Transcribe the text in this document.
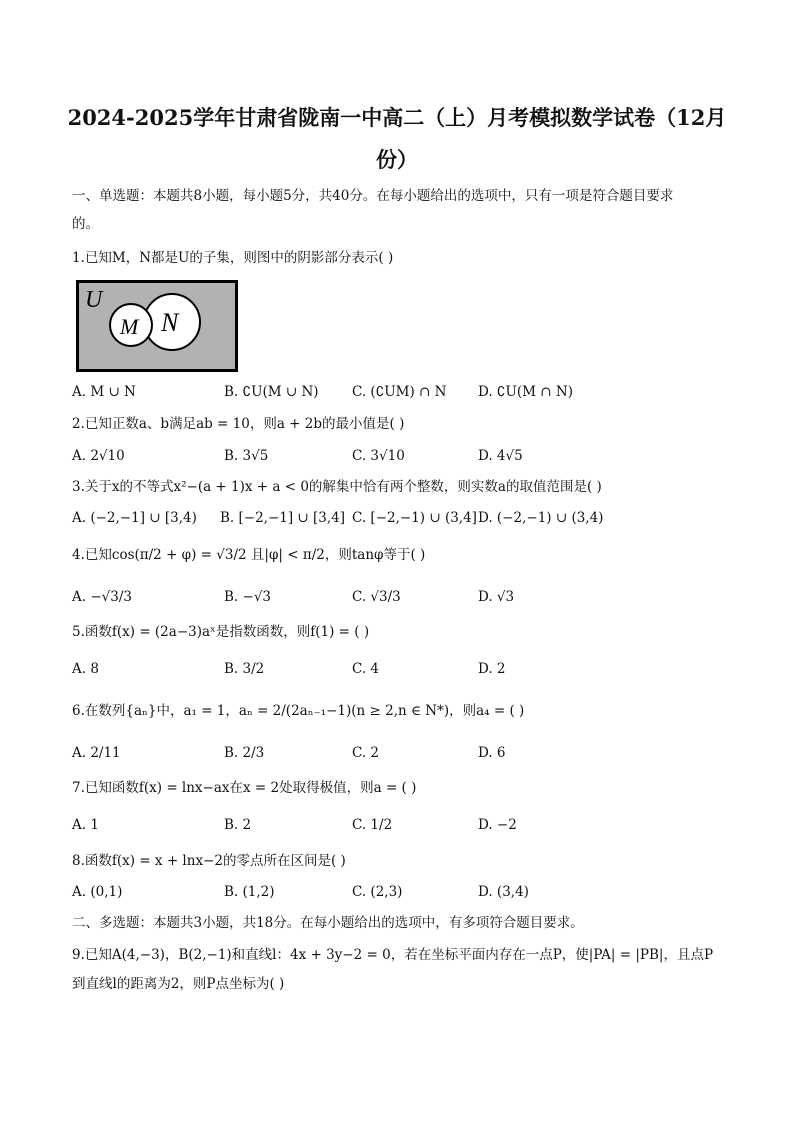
2024-2025学年甘肃省陇南一中高二（上）月考模拟数学试卷（12月
份）
一、单选题：本题共8小题，每小题5分，共40分。在每小题给出的选项中，只有一项是符合题目要求
的。
1.已知M，N都是U的子集，则图中的阴影部分表示( )
U
M N
A. M ∪ N	B. ∁U(M ∪ N) C. (∁UM) ∩ N D. ∁U(M ∩ N)
2.已知正数a、b满足ab = 10，则a + 2b的最小值是( )
A. 2√10	B. 3√5	C. 3√10	D. 4√5
3.关于x的不等式x²−(a + 1)x + a < 0的解集中恰有两个整数，则实数a的取值范围是( )
A. (−2,−1] ∪ [3,4) B. [−2,−1] ∪ [3,4] C. [−2,−1) ∪ (3,4] D. (−2,−1) ∪ (3,4)
4.已知cos(π/2 + φ) = √3/2 且|φ| < π/2，则tanφ等于( )
A. −√3/3	B. −√3	C. √3/3	D. √3
5.函数f(x) = (2a−3)aˣ是指数函数，则f(1) = ( )
A. 8	B. 3/2	C. 4	D. 2
6.在数列{aₙ}中，a₁ = 1，aₙ = 2/(2aₙ₋₁−1)(n ≥ 2,n ∈ N*)，则a₄ = ( )
A. 2/11	B. 2/3	C. 2	D. 6
7.已知函数f(x) = lnx−ax在x = 2处取得极值，则a = ( )
A. 1	B. 2	C. 1/2	D. −2
8.函数f(x) = x + lnx−2的零点所在区间是( )
A. (0,1)	B. (1,2)	C. (2,3)	D. (3,4)
二、多选题：本题共3小题，共18分。在每小题给出的选项中，有多项符合题目要求。
9.已知A(4,−3)，B(2,−1)和直线l：4x + 3y−2 = 0，若在坐标平面内存在一点P，使|PA| = |PB|，且点P
到直线l的距离为2，则P点坐标为( )
